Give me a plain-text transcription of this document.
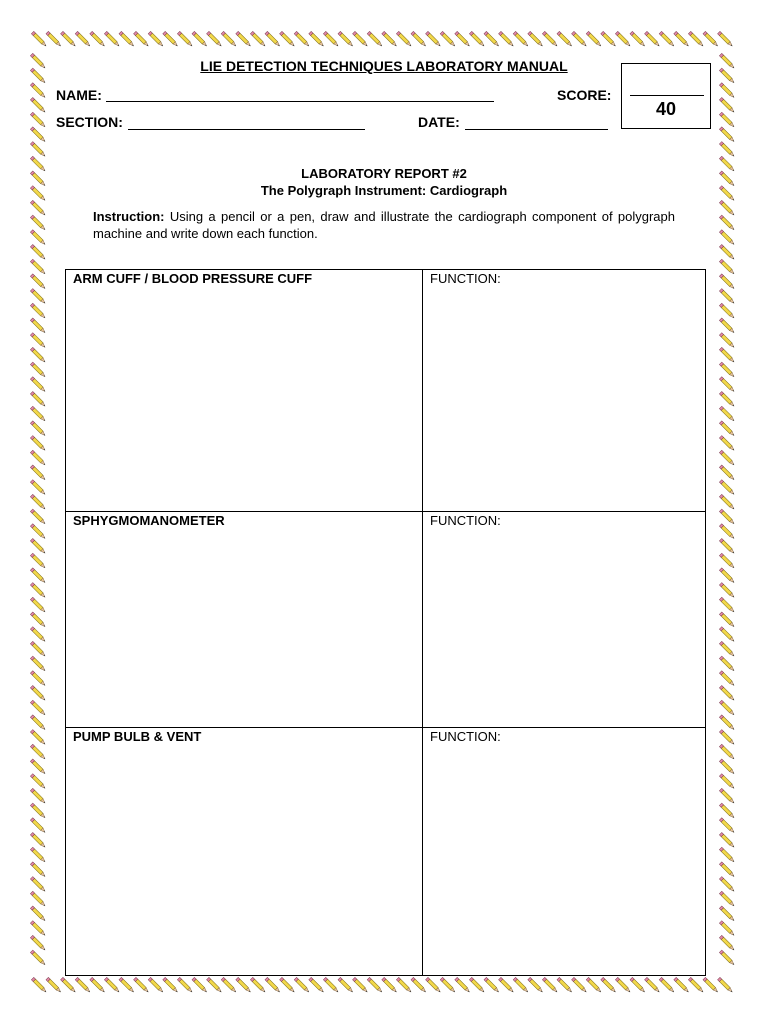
LIE DETECTION TECHNIQUES LABORATORY MANUAL
NAME:	SCORE:
SECTION:	DATE:
40
LABORATORY REPORT #2
The Polygraph Instrument: Cardiograph
Instruction: Using a pencil or a pen, draw and illustrate the cardiograph component of polygraph machine and write down each function.
ARM CUFF / BLOOD PRESSURE CUFF	FUNCTION:
SPHYGMOMANOMETER	FUNCTION:
PUMP BULB & VENT	FUNCTION:
